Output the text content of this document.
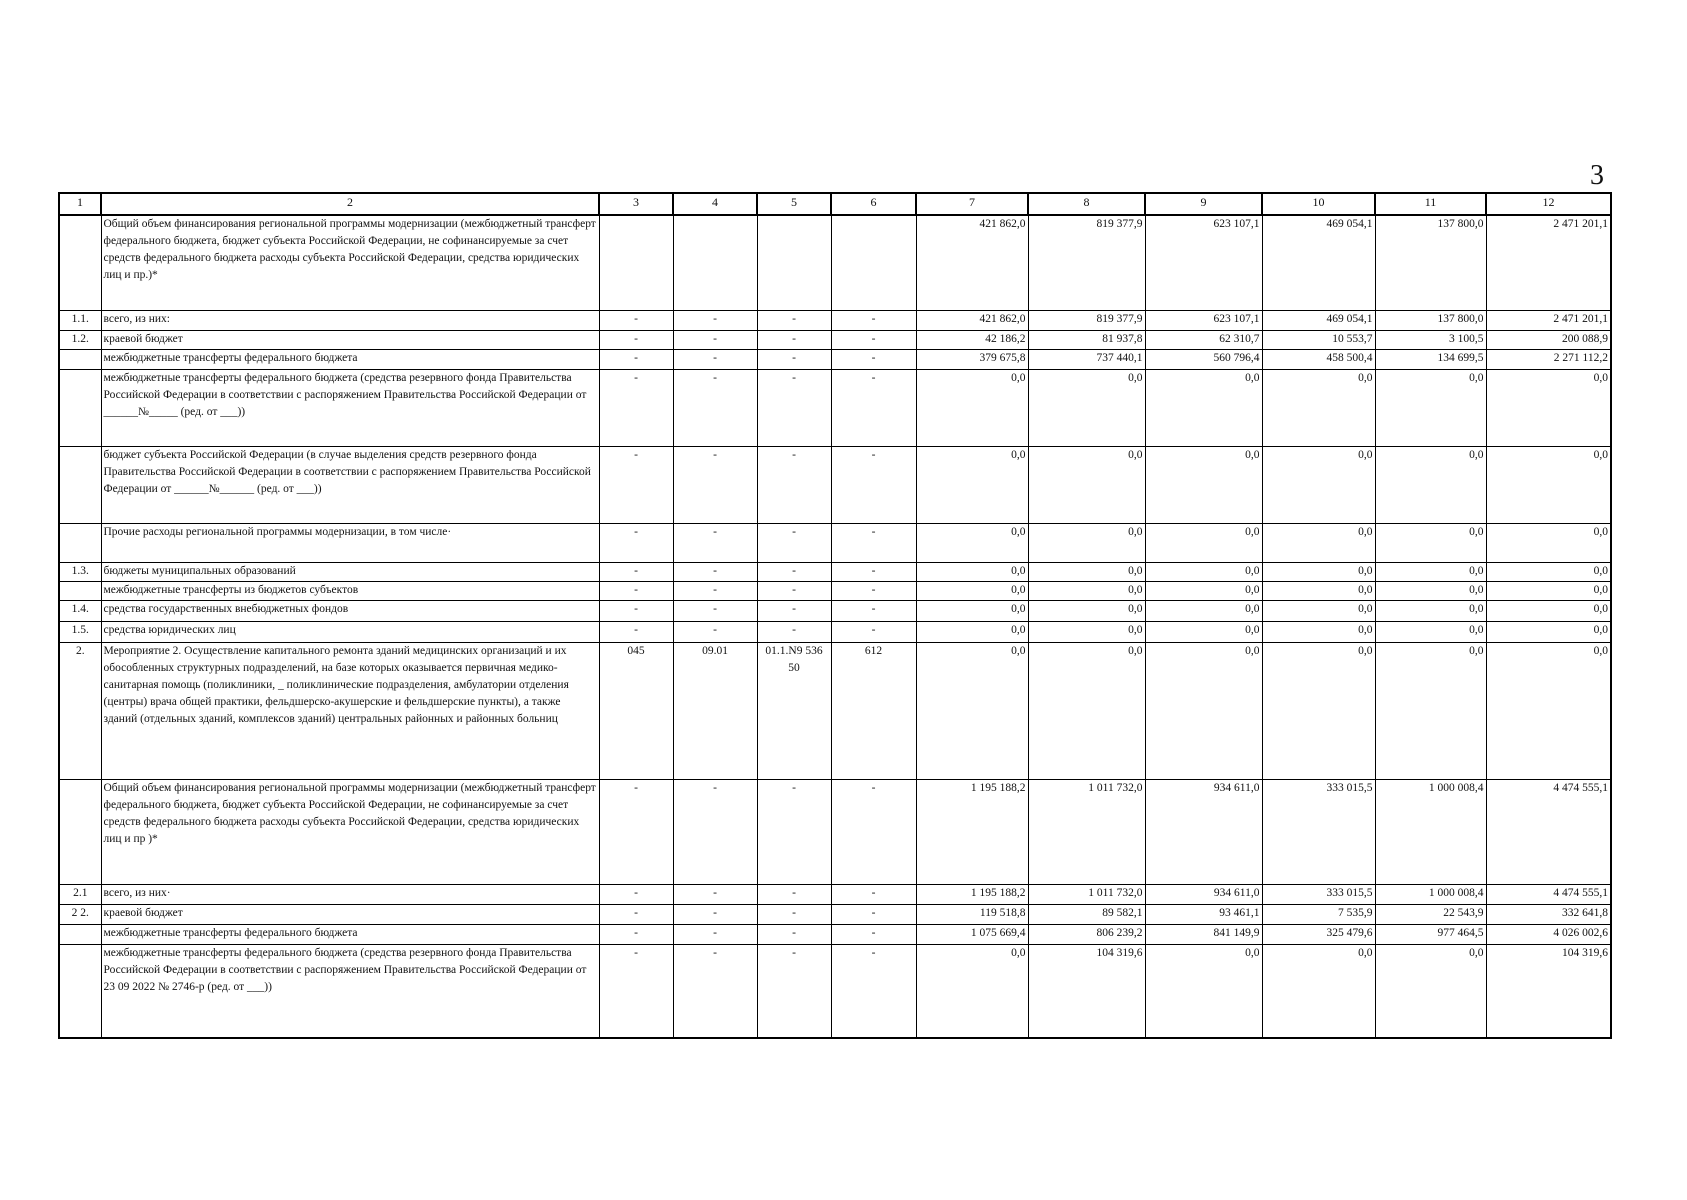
3
1	2	3	4	5	6	7	8	9	10	11	12
	Общий объем финансирования региональной программы модернизации (межбюджетный трансферт федерального бюджета, бюджет субъекта Российской Федерации, не софинансируемые за счет средств федерального бюджета расходы субъекта Российской Федерации, средства юридических лиц и пр.)*					421 862,0	819 377,9	623 107,1	469 054,1	137 800,0	2 471 201,1
1.1.	всего, из них:	-	-	-	-	421 862,0	819 377,9	623 107,1	469 054,1	137 800,0	2 471 201,1
1.2.	краевой бюджет	-	-	-	-	42 186,2	81 937,8	62 310,7	10 553,7	3 100,5	200 088,9
	межбюджетные трансферты федерального бюджета	-	-	-	-	379 675,8	737 440,1	560 796,4	458 500,4	134 699,5	2 271 112,2
	межбюджетные трансферты федерального бюджета (средства резервного фонда Правительства Российской Федерации в соответствии с распоряжением Правительства Российской Федерации от ______№_____ (ред. от ___))	-	-	-	-	0,0	0,0	0,0	0,0	0,0	0,0
	бюджет субъекта Российской Федерации (в случае выделения средств резервного фонда Правительства Российской Федерации в соответствии с распоряжением Правительства Российской Федерации от ______№______ (ред. от ___))	-	-	-	-	0,0	0,0	0,0	0,0	0,0	0,0
	Прочие расходы региональной программы модернизации, в том числе·	-	-	-	-	0,0	0,0	0,0	0,0	0,0	0,0
1.3.	бюджеты муниципальных образований	-	-	-	-	0,0	0,0	0,0	0,0	0,0	0,0
	межбюджетные трансферты из бюджетов субъектов	-	-	-	-	0,0	0,0	0,0	0,0	0,0	0,0
1.4.	средства государственных внебюджетных фондов	-	-	-	-	0,0	0,0	0,0	0,0	0,0	0,0
1.5.	средства юридических лиц	-	-	-	-	0,0	0,0	0,0	0,0	0,0	0,0
2.	Мероприятие 2. Осуществление капитального ремонта зданий медицинских организаций и их обособленных структурных подразделений, на базе которых оказывается первичная медико-санитарная помощь (поликлиники, _ поликлинические подразделения, амбулатории отделения (центры) врача общей практики, фельдшерско-акушерские и фельдшерские пункты), а также зданий (отдельных зданий, комплексов зданий) центральных районных и районных больниц	045	09.01	01.1.N9 536 50	612	0,0	0,0	0,0	0,0	0,0	0,0
	Общий объем финансирования региональной программы модернизации (межбюджетный трансферт федерального бюджета, бюджет субъекта Российской Федерации, не софинансируемые за счет средств федерального бюджета расходы субъекта Российской Федерации, средства юридических лиц и пр )*	-	-	-	-	1 195 188,2	1 011 732,0	934 611,0	333 015,5	1 000 008,4	4 474 555,1
2.1	всего, из них·	-	-	-	-	1 195 188,2	1 011 732,0	934 611,0	333 015,5	1 000 008,4	4 474 555,1
2 2.	краевой бюджет	-	-	-	-	119 518,8	89 582,1	93 461,1	7 535,9	22 543,9	332 641,8
	межбюджетные трансферты федерального бюджета	-	-	-	-	1 075 669,4	806 239,2	841 149,9	325 479,6	977 464,5	4 026 002,6
	межбюджетные трансферты федерального бюджета (средства резервного фонда Правительства Российской Федерации в соответствии с распоряжением Правительства Российской Федерации от 23 09 2022 № 2746-р (ред. от ___))	-	-	-	-	0,0	104 319,6	0,0	0,0	0,0	104 319,6
